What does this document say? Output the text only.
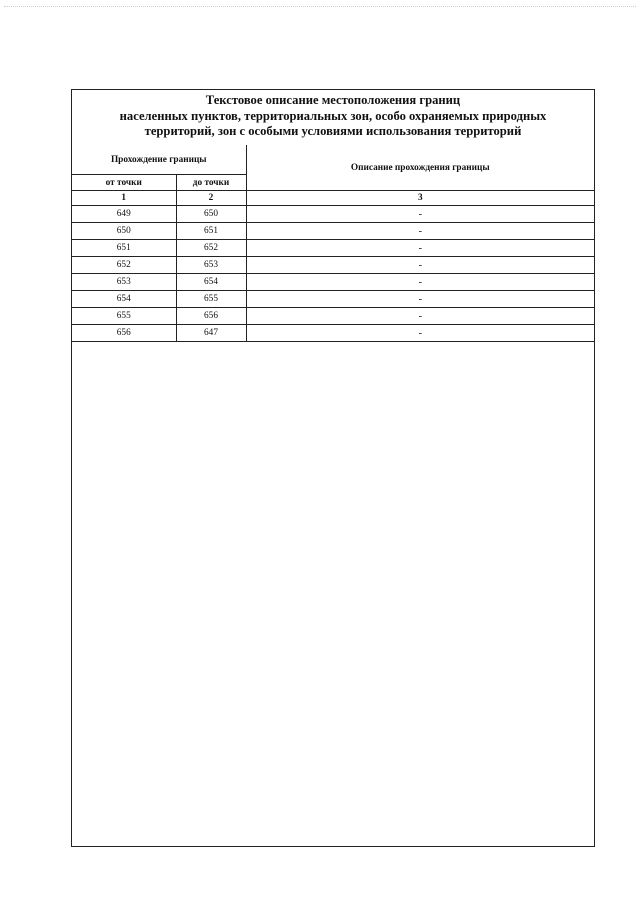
Текстовое описание местоположения границ
населенных пунктов, территориальных зон, особо охраняемых природных
территорий, зон с особыми условиями использования территорий
Прохождение границы		Описание прохождения границы
от точки	до точки	
1	2	3
649	650	-
650	651	-
651	652	-
652	653	-
653	654	-
654	655	-
655	656	-
656	647	-
